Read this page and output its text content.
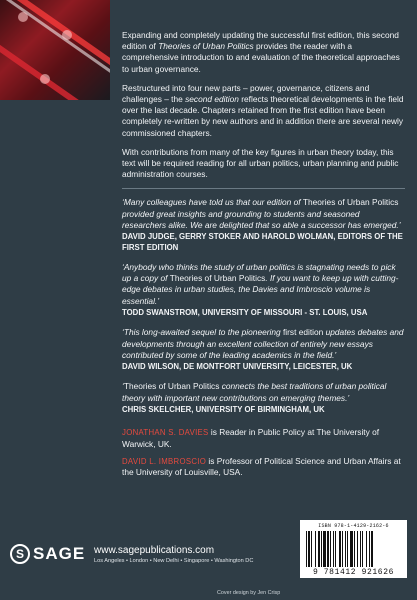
Expanding and completely updating the successful first edition, this second edition of Theories of Urban Politics provides the reader with a comprehensive introduction to and evaluation of the theoretical approaches to urban governance.

Restructured into four new parts – power, governance, citizens and challenges – the second edition reflects theoretical developments in the field over the last decade. Chapters retained from the first edition have been completely re-written by new authors and in addition there are several newly commissioned chapters.

With contributions from many of the key figures in urban theory today, this text will be required reading for all urban politics, urban planning and public administration courses.

‘Many colleagues have told us that our edition of Theories of Urban Politics provided great insights and grounding to students and seasoned researchers alike. We are delighted that so able a successor has emerged.’

DAVID JUDGE, GERRY STOKER AND HAROLD WOLMAN, EDITORS OF THE FIRST EDITION

‘Anybody who thinks the study of urban politics is stagnating needs to pick up a copy of Theories of Urban Politics. If you want to keep up with cutting-edge debates in urban studies, the Davies and Imbroscio volume is essential.’

TODD SWANSTROM, UNIVERSITY OF MISSOURI - ST. LOUIS, USA

‘This long-awaited sequel to the pioneering first edition updates debates and developments through an excellent collection of entirely new essays contributed by some of the leading academics in the field.’

DAVID WILSON, DE MONTFORT UNIVERSITY, LEICESTER, UK

‘Theories of Urban Politics connects the best traditions of urban political theory with important new contributions on emerging themes.’

CHRIS SKELCHER, UNIVERSITY OF BIRMINGHAM, UK

JONATHAN S. DAVIES is Reader in Public Policy at The University of Warwick, UK.

DAVID L. IMBROSCIO is Professor of Political Science and Urban Affairs at the University of Louisville, USA.

S SAGE www.sagepublications.com
Los Angeles • London • New Delhi • Singapore • Washington DC
Cover design by Jen Crisp
ISBN 978-1-4129-2162-6
9 781412 921626
